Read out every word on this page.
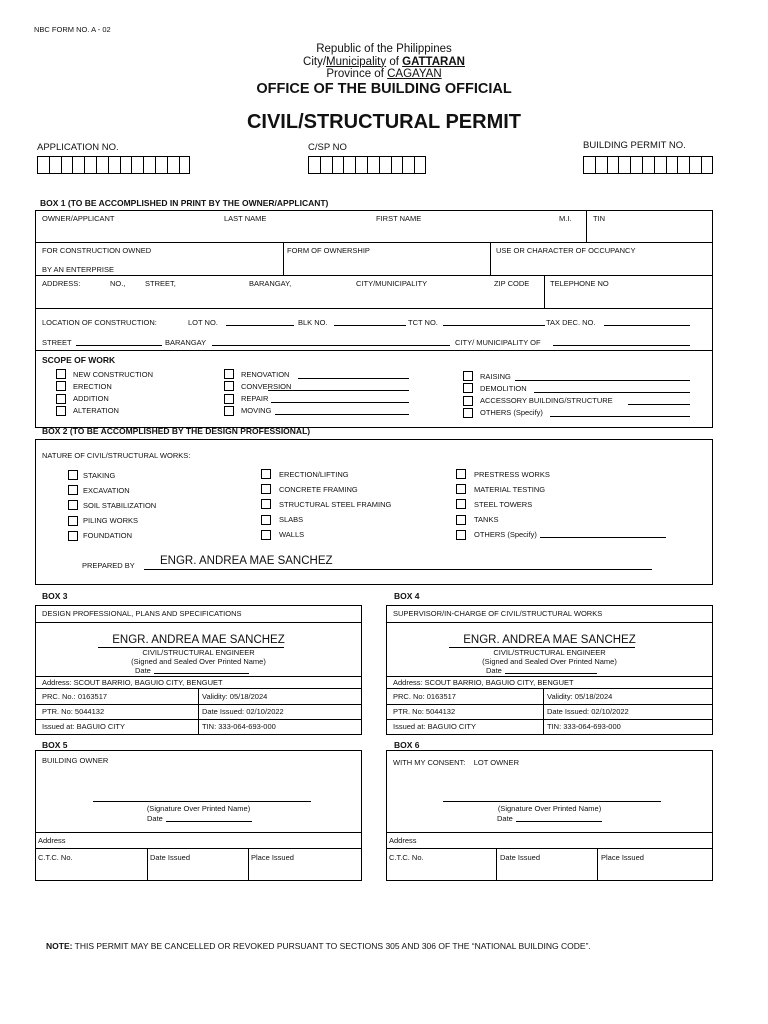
NBC FORM NO. A - 02
Republic of the Philippines
City/Municipality of GATTARAN
Province of CAGAYAN
OFFICE OF THE BUILDING OFFICIAL
CIVIL/STRUCTURAL PERMIT
APPLICATION NO.	C/SP NO	BUILDING PERMIT NO.
BOX 1 (TO BE ACCOMPLISHED IN PRINT BY THE OWNER/APPLICANT)
OWNER/APPLICANT	LAST NAME	FIRST NAME	M.I.	TIN
FOR CONSTRUCTION OWNED
BY AN ENTERPRISE
FORM OF OWNERSHIP	USE OR CHARACTER OF OCCUPANCY
ADDRESS:	NO.,	STREET,	BARANGAY,	CITY/MUNICIPALITY	ZIP CODE	TELEPHONE NO
LOCATION OF CONSTRUCTION:	LOT NO.	BLK NO.	TCT NO.	TAX DEC. NO.
STREET	BARANGAY	CITY/ MUNICIPALITY OF
SCOPE OF WORK
NEW CONSTRUCTION
ERECTION
ADDITION
ALTERATION
RENOVATION
CONVERSION
REPAIR
MOVING
RAISING
DEMOLITION
ACCESSORY BUILDING/STRUCTURE
OTHERS (Specify)
BOX 2 (TO BE ACCOMPLISHED BY THE DESIGN PROFESSIONAL)
NATURE OF CIVIL/STRUCTURAL WORKS:
STAKING
EXCAVATION
SOIL STABILIZATION
PILING WORKS
FOUNDATION
ERECTION/LIFTING
CONCRETE FRAMING
STRUCTURAL STEEL FRAMING
SLABS
WALLS
PRESTRESS WORKS
MATERIAL TESTING
STEEL TOWERS
TANKS
OTHERS (Specify)
PREPARED BY ENGR. ANDREA MAE SANCHEZ
BOX 3
DESIGN PROFESSIONAL, PLANS AND SPECIFICATIONS
ENGR. ANDREA MAE SANCHEZ
CIVIL/STRUCTURAL ENGINEER
(Signed and Sealed Over Printed Name)
Date
Address: SCOUT BARRIO, BAGUIO CITY, BENGUET
PRC. No.: 0163517	Validity: 05/18/2024
PTR. No: 5044132	Date Issued: 02/10/2022
Issued at: BAGUIO CITY	TIN: 333-064-693-000
BOX 4
SUPERVISOR/IN-CHARGE OF CIVIL/STRUCTURAL WORKS
ENGR. ANDREA MAE SANCHEZ
CIVIL/STRUCTURAL ENGINEER
(Signed and Sealed Over Printed Name)
Date
Address: SCOUT BARRIO, BAGUIO CITY, BENGUET
PRC. No: 0163517	Validity: 05/18/2024
PTR. No: 5044132	Date Issued: 02/10/2022
Issued at: BAGUIO CITY	TIN: 333-064-693-000
BOX 5
BUILDING OWNER
(Signature Over Printed Name)
Date
Address
C.T.C. No.	Date Issued	Place Issued
BOX 6
WITH MY CONSENT:    LOT OWNER
(Signature Over Printed Name)
Date
Address
C.T.C. No.	Date Issued	Place Issued
NOTE: THIS PERMIT MAY BE CANCELLED OR REVOKED PURSUANT TO SECTIONS 305 AND 306 OF THE “NATIONAL BUILDING CODE”.
